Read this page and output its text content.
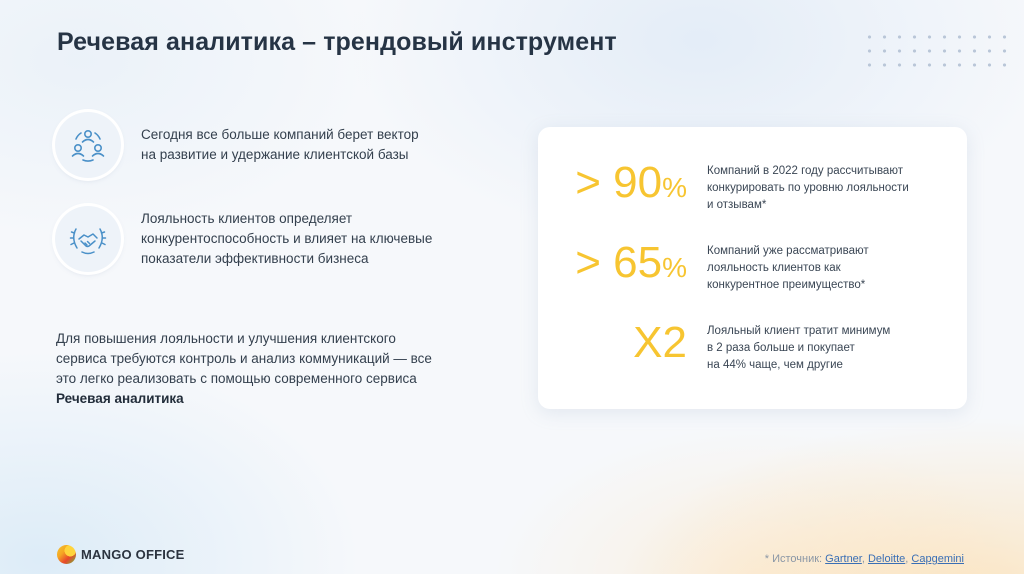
Речевая аналитика – трендовый инструмент
Сегодня все больше компаний берет вектор
на развитие и удержание клиентской базы
Лояльность клиентов определяет
конкурентоспособность и влияет на ключевые
показатели эффективности бизнеса
Для повышения лояльности и улучшения клиентского
сервиса требуются контроль и анализ коммуникаций — все
это легко реализовать с помощью современного сервиса
Речевая аналитика
> 90%
Компаний в 2022 году рассчитывают
конкурировать по уровню лояльности
и отзывам*
> 65%
Компаний уже рассматривают
лояльность клиентов как
конкурентное преимущество*
X2 Лояльный клиент тратит минимум
в 2 раза больше и покупает
на 44% чаще, чем другие
MANGO OFFICE	* Источник: Gartner, Deloitte, Capgemini
